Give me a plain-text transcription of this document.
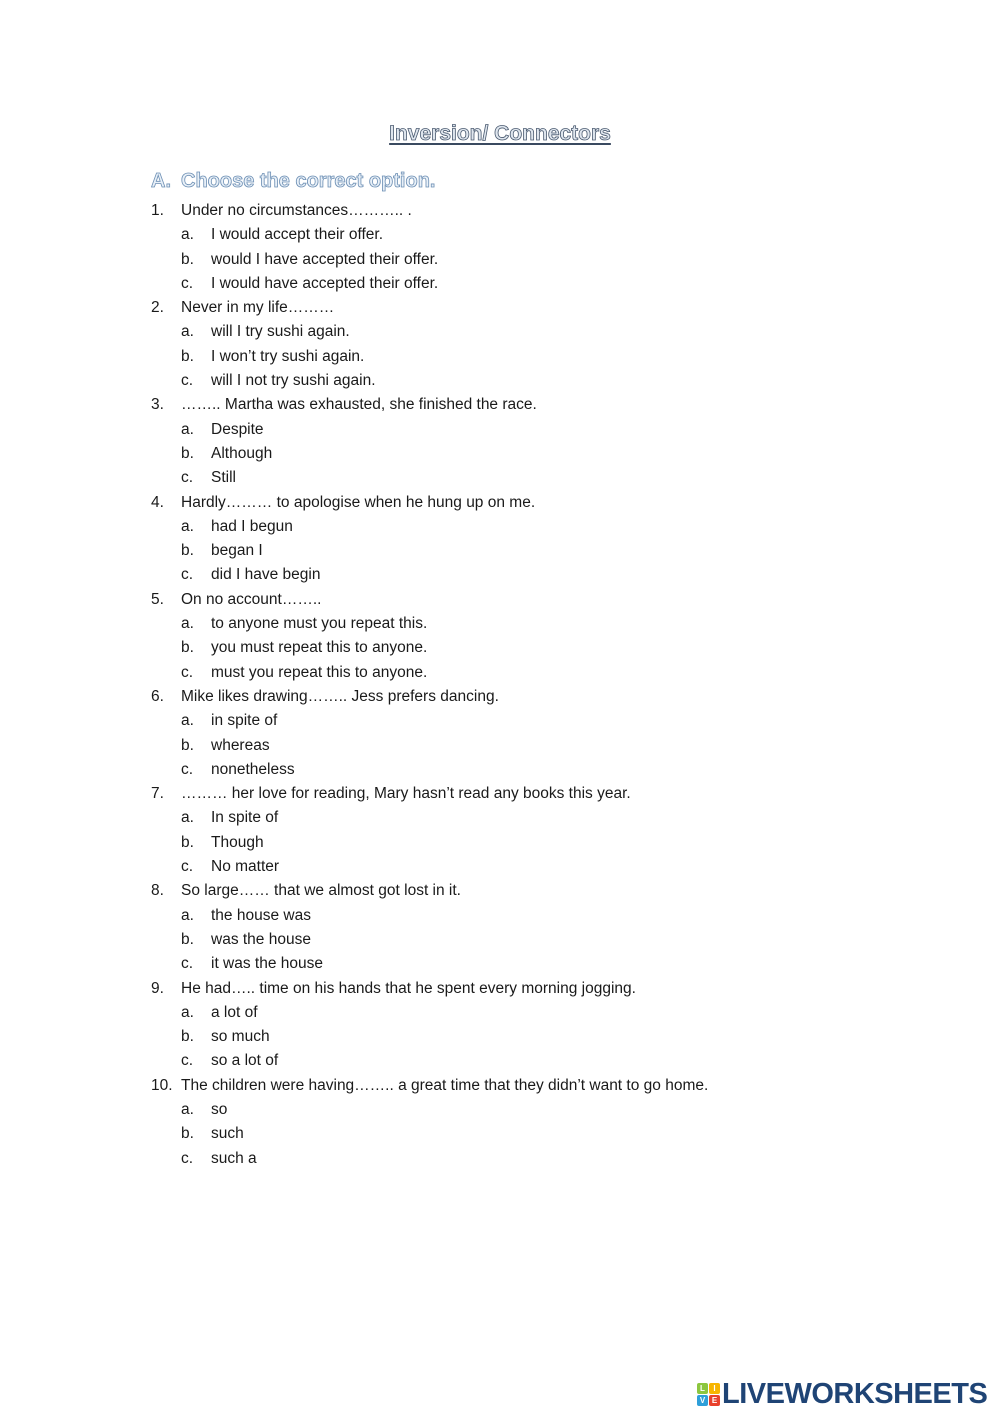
Inversion/ Connectors
A. Choose the correct option.
1. Under no circumstances……….. .
a. I would accept their offer.
b. would I have accepted their offer.
c. I would have accepted their offer.
2. Never in my life………
a. will I try sushi again.
b. I won’t try sushi again.
c. will I not try sushi again.
3. …….. Martha was exhausted, she finished the race.
a. Despite
b. Although
c. Still
4. Hardly……… to apologise when he hung up on me.
a. had I begun
b. began I
c. did I have begin
5. On no account……..
a. to anyone must you repeat this.
b. you must repeat this to anyone.
c. must you repeat this to anyone.
6. Mike likes drawing…….. Jess prefers dancing.
a. in spite of
b. whereas
c. nonetheless
7. ……… her love for reading, Mary hasn’t read any books this year.
a. In spite of
b. Though
c. No matter
8. So large…… that we almost got lost in it.
a. the house was
b. was the house
c. it was the house
9. He had….. time on his hands that he spent every morning jogging.
a. a lot of
b. so much
c. so a lot of
10. The children were having…….. a great time that they didn’t want to go home.
a. so
b. such
c. such a
L	I
V E LIVEWORKSHEETS
